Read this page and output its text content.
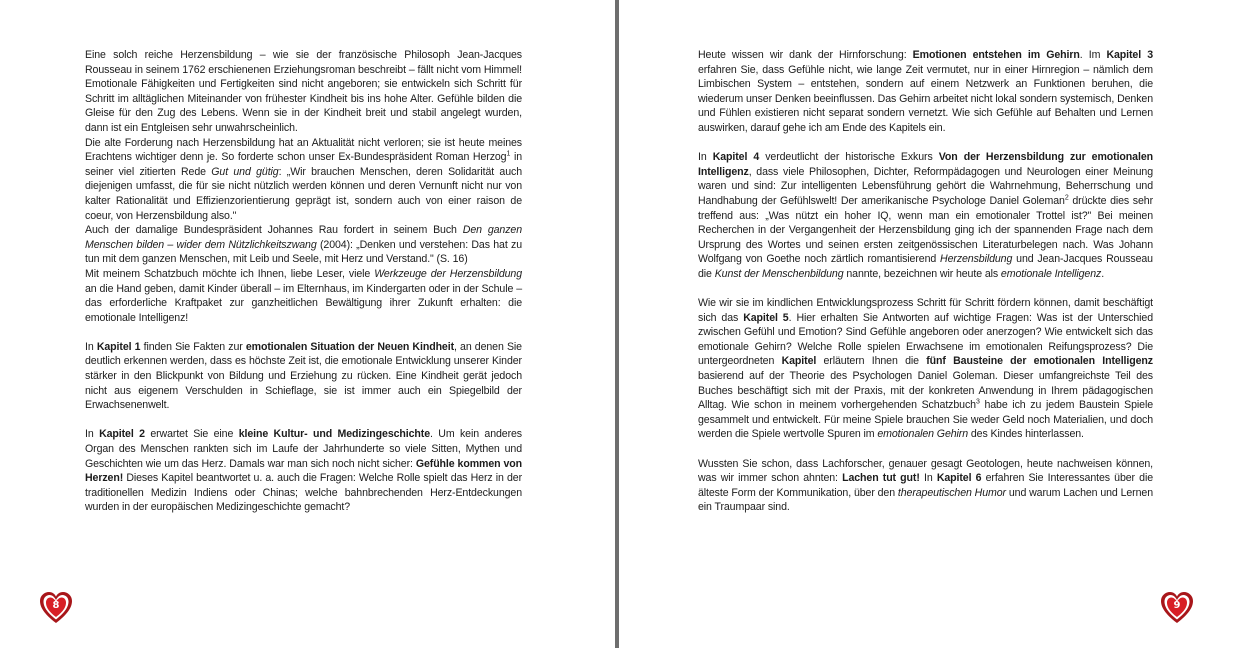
Eine solch reiche Herzensbildung – wie sie der französische Philosoph Jean-Jacques Rousseau in seinem 1762 erschienenen Erziehungsroman beschreibt – fällt nicht vom Himmel! Emotionale Fähigkeiten und Fertigkeiten sind nicht angeboren; sie entwickeln sich Schritt für Schritt im alltäglichen Miteinander von frühester Kindheit bis ins hohe Alter. Gefühle bilden die Gleise für den Zug des Lebens. Wenn sie in der Kindheit breit und stabil angelegt wurden, dann ist ein Entgleisen sehr unwahrscheinlich.

Die alte Forderung nach Herzensbildung hat an Aktualität nicht verloren; sie ist heute meines Erachtens wichtiger denn je. So forderte schon unser Ex-Bundespräsident Roman Herzog$^1$ in seiner viel zitierten Rede Gut und gütig: „Wir brauchen Menschen, deren Solidarität auch diejenigen umfasst, die für sie nicht nützlich werden können und deren Vernunft nicht nur von kalter Rationalität und Effizienzorientierung geprägt ist, sondern auch von einer raison de coeur, von Herzensbildung also."

Auch der damalige Bundespräsident Johannes Rau fordert in seinem Buch Den ganzen Menschen bilden – wider dem Nützlichkeitszwang (2004): „Denken und verstehen: Das hat zu tun mit dem ganzen Menschen, mit Leib und Seele, mit Herz und Verstand." (S. 16)

Mit meinem Schatzbuch möchte ich Ihnen, liebe Leser, viele Werkzeuge der Herzensbildung an die Hand geben, damit Kinder überall – im Elternhaus, im Kindergarten oder in der Schule – das erforderliche Kraftpaket zur ganzheitlichen Bewältigung ihrer Zukunft erhalten: die emotionale Intelligenz!

In Kapitel 1 finden Sie Fakten zur emotionalen Situation der Neuen Kindheit, an denen Sie deutlich erkennen werden, dass es höchste Zeit ist, die emotionale Entwicklung unserer Kinder stärker in den Blickpunkt von Bildung und Erziehung zu rücken. Eine Kindheit gerät jedoch nicht aus eigenem Verschulden in Schieflage, sie ist immer auch ein Spiegelbild der Erwachsenenwelt.

In Kapitel 2 erwartet Sie eine kleine Kultur- und Medizingeschichte. Um kein anderes Organ des Menschen rankten sich im Laufe der Jahrhunderte so viele Sitten, Mythen und Geschichten wie um das Herz. Damals war man sich noch nicht sicher: Gefühle kommen von Herzen! Dieses Kapitel beantwortet u. a. auch die Fragen: Welche Rolle spielt das Herz in der traditionellen Medizin Indiens oder Chinas; welche bahnbrechenden Herz-Entdeckungen wurden in der europäischen Medizingeschichte gemacht?

8

Heute wissen wir dank der Hirnforschung: Emotionen entstehen im Gehirn. Im Kapitel 3 erfahren Sie, dass Gefühle nicht, wie lange Zeit vermutet, nur in einer Hirnregion – nämlich dem Limbischen System – entstehen, sondern auf einem Netzwerk an Funktionen beruhen, die wiederum unser Denken beeinflussen. Das Gehirn arbeitet nicht lokal sondern systemisch, Denken und Fühlen existieren nicht separat sondern vernetzt. Wie sich Gefühle auf Behalten und Lernen auswirken, darauf gehe ich am Ende des Kapitels ein.

In Kapitel 4 verdeutlicht der historische Exkurs Von der Herzensbildung zur emotionalen Intelligenz, dass viele Philosophen, Dichter, Reformpädagogen und Neurologen einer Meinung waren und sind: Zur intelligenten Lebensführung gehört die Wahrnehmung, Beherrschung und Handhabung der Gefühlswelt! Der amerikanische Psychologe Daniel Goleman$^2$ drückte dies sehr treffend aus: „Was nützt ein hoher IQ, wenn man ein emotionaler Trottel ist?" Bei meinen Recherchen in der Vergangenheit der Herzensbildung ging ich der spannenden Frage nach dem Ursprung des Wortes und seinen ersten zeitgenössischen Literaturbelegen nach. Was Johann Wolfgang von Goethe noch zärtlich romantisierend Herzensbildung und Jean-Jacques Rousseau die Kunst der Menschenbildung nannte, bezeichnen wir heute als emotionale Intelligenz.

Wie wir sie im kindlichen Entwicklungsprozess Schritt für Schritt fördern können, damit beschäftigt sich das Kapitel 5. Hier erhalten Sie Antworten auf wichtige Fragen: Was ist der Unterschied zwischen Gefühl und Emotion? Sind Gefühle angeboren oder anerzogen? Wie entwickelt sich das emotionale Gehirn? Welche Rolle spielen Erwachsene im emotionalen Reifungsprozess? Die untergeordneten Kapitel erläutern Ihnen die fünf Bausteine der emotionalen Intelligenz basierend auf der Theorie des Psychologen Daniel Goleman. Dieser umfangreichste Teil des Buches beschäftigt sich mit der Praxis, mit der konkreten Anwendung in Ihrem pädagogischen Alltag. Wie schon in meinem vorhergehenden Schatzbuch$^3$ habe ich zu jedem Baustein Spiele gesammelt und entwickelt. Für meine Spiele brauchen Sie weder Geld noch Materialien, und doch werden die Spiele wertvolle Spuren im emotionalen Gehirn des Kindes hinterlassen.

Wussten Sie schon, dass Lachforscher, genauer gesagt Geotologen, heute nachweisen können, was wir immer schon ahnten: Lachen tut gut! In Kapitel 6 erfahren Sie Interessantes über die älteste Form der Kommunikation, über den therapeutischen Humor und warum Lachen und Lernen ein Traumpaar sind.

9
